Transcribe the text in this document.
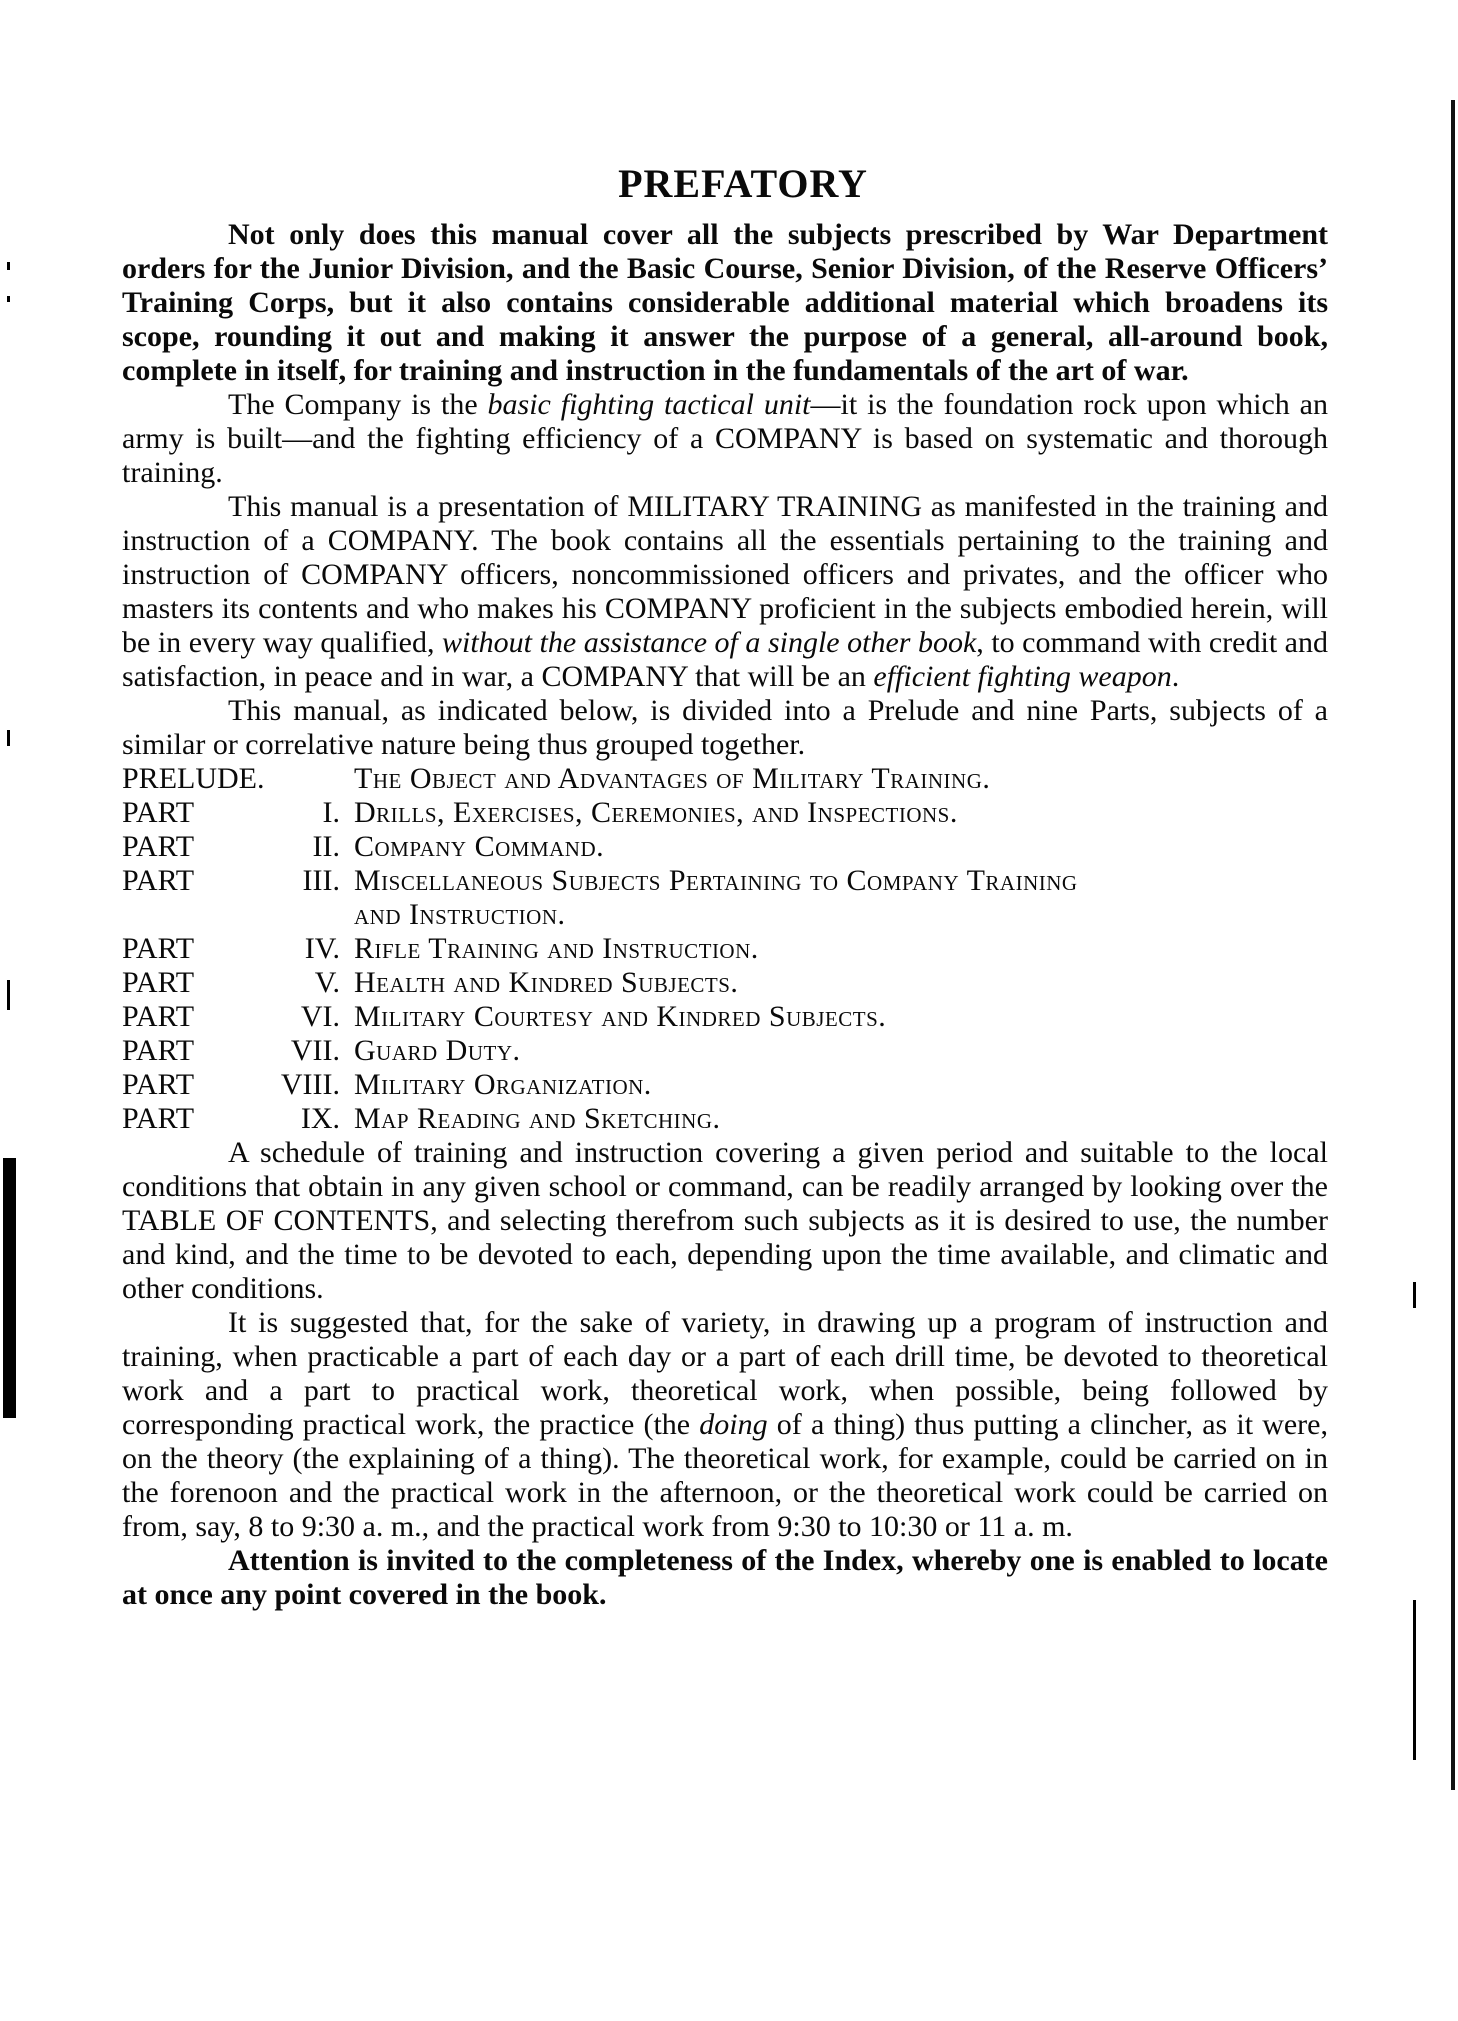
PREFATORY

Not only does this manual cover all the subjects prescribed by War Department orders for the Junior Division, and the Basic Course, Senior Division, of the Reserve Officers’ Training Corps, but it also contains considerable additional material which broadens its scope, rounding it out and making it answer the purpose of a general, all-around book, complete in itself, for training and instruction in the fundamentals of the art of war.

The Company is the basic fighting tactical unit—it is the foundation rock upon which an army is built—and the fighting efficiency of a COMPANY is based on systematic and thorough training.

This manual is a presentation of MILITARY TRAINING as manifested in the training and instruction of a COMPANY. The book contains all the essentials pertaining to the training and instruction of COMPANY officers, noncommissioned officers and privates, and the officer who masters its contents and who makes his COMPANY proficient in the subjects embodied herein, will be in every way qualified, without the assistance of a single other book, to command with credit and satisfaction, in peace and in war, a COMPANY that will be an efficient fighting weapon.

This manual, as indicated below, is divided into a Prelude and nine Parts, subjects of a similar or correlative nature being thus grouped together.

PRELUDE.	The Object and Advantages of Military Training.
PART	I. Drills, Exercises, Ceremonies, and Inspections.
PART	II. Company Command.
PART	III. Miscellaneous Subjects Pertaining to Company Training
and Instruction.
PART	IV. Rifle Training and Instruction.
PART	V. Health and Kindred Subjects.
PART	VI. Military Courtesy and Kindred Subjects.
PART	VII. Guard Duty.
PART	VIII. Military Organization.
PART	IX. Map Reading and Sketching.

A schedule of training and instruction covering a given period and suitable to the local conditions that obtain in any given school or command, can be readily arranged by looking over the TABLE OF CONTENTS, and selecting therefrom such subjects as it is desired to use, the number and kind, and the time to be devoted to each, depending upon the time available, and climatic and other conditions.

It is suggested that, for the sake of variety, in drawing up a program of instruction and training, when practicable a part of each day or a part of each drill time, be devoted to theoretical work and a part to practical work, theoretical work, when possible, being followed by corresponding practical work, the practice (the doing of a thing) thus putting a clincher, as it were, on the theory (the explaining of a thing). The theoretical work, for example, could be carried on in the forenoon and the practical work in the afternoon, or the theoretical work could be carried on from, say, 8 to 9:30 a. m., and the practical work from 9:30 to 10:30 or 11 a. m.

Attention is invited to the completeness of the Index, whereby one is enabled to locate at once any point covered in the book.
